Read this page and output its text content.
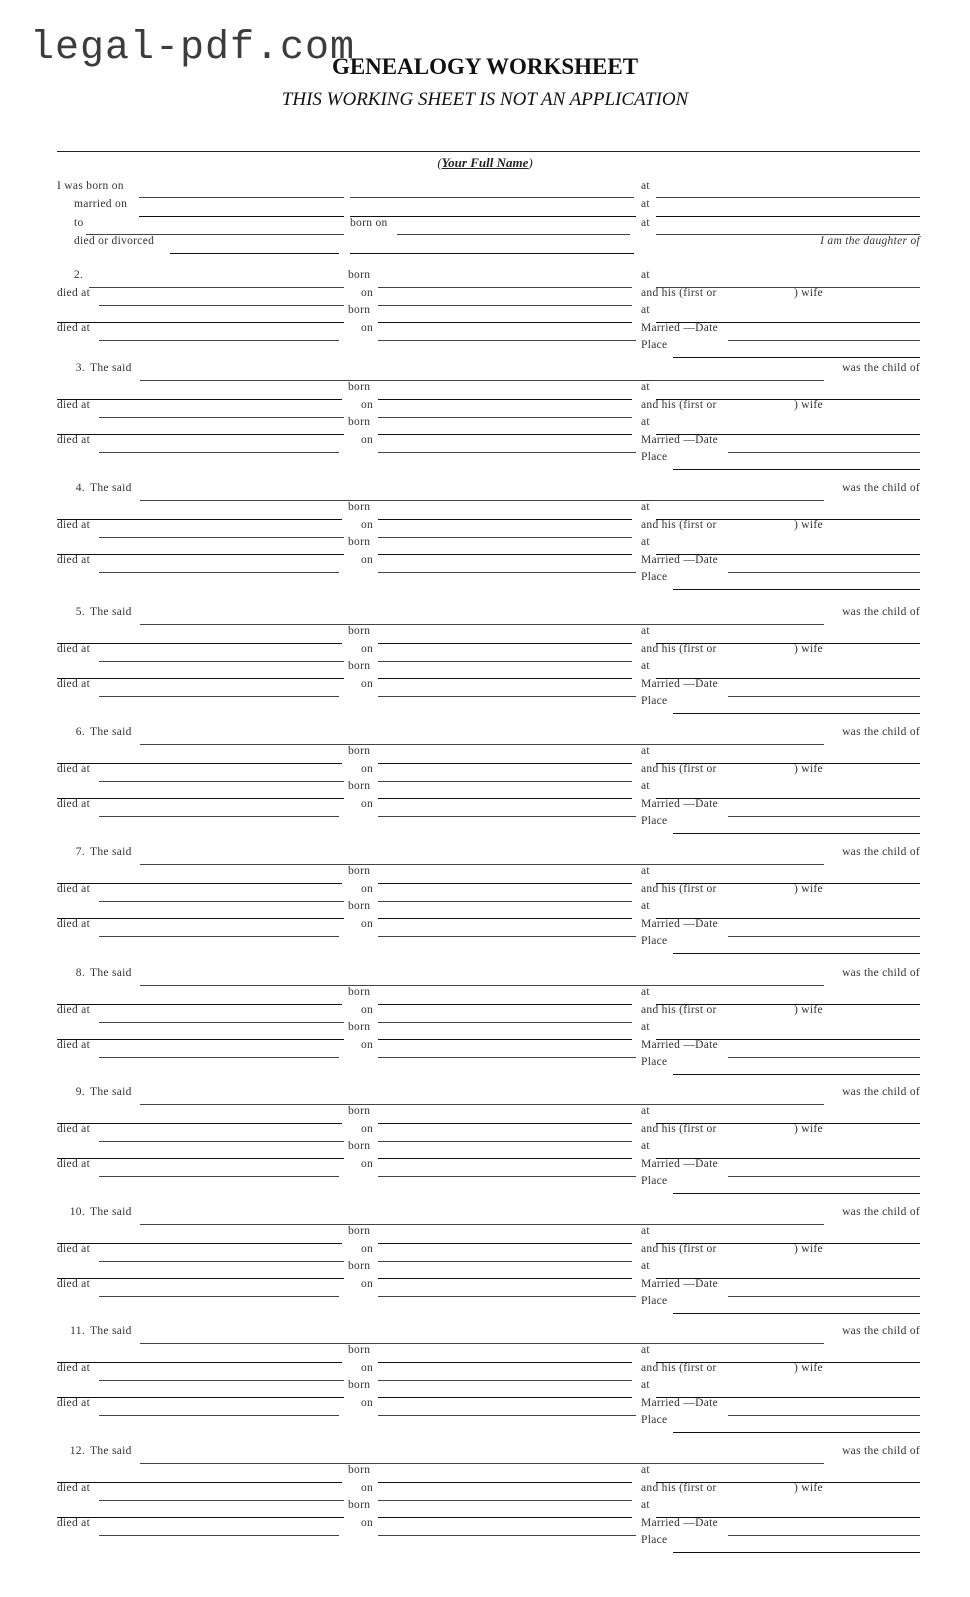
legal-pdf.com
GENEALOGY WORKSHEET
THIS WORKING SHEET IS NOT AN APPLICATION
(Your Full Name)
I was born on	at
married on	at
to	born on	at
died or divorced	I am the daughter of
2.	born	at
died at	on	and his (first or	) wife
born	at
died at	on	Married —Date
Place
3. The said	was the child of
born	at
died at	on	and his (first or	) wife
born	at
died at	on	Married —Date
Place
4. The said	was the child of
born	at
died at	on	and his (first or	) wife
born	at
died at	on	Married —Date
Place
5. The said	was the child of
born	at
died at	on	and his (first or	) wife
born	at
died at	on	Married —Date
Place
6. The said	was the child of
born	at
died at	on	and his (first or	) wife
born	at
died at	on	Married —Date
Place
7. The said	was the child of
born	at
died at	on	and his (first or	) wife
born	at
died at	on	Married —Date
Place
8. The said	was the child of
born	at
died at	on	and his (first or	) wife
born	at
died at	on	Married —Date
Place
9. The said	was the child of
born	at
died at	on	and his (first or	) wife
born	at
died at	on	Married —Date
Place
10. The said	was the child of
born	at
died at	on	and his (first or	) wife
born	at
died at	on	Married —Date
Place
11. The said	was the child of
born	at
died at	on	and his (first or	) wife
born	at
died at	on	Married —Date
Place
12. The said	was the child of
born	at
died at	on	and his (first or	) wife
born	at
died at	on	Married —Date
Place
